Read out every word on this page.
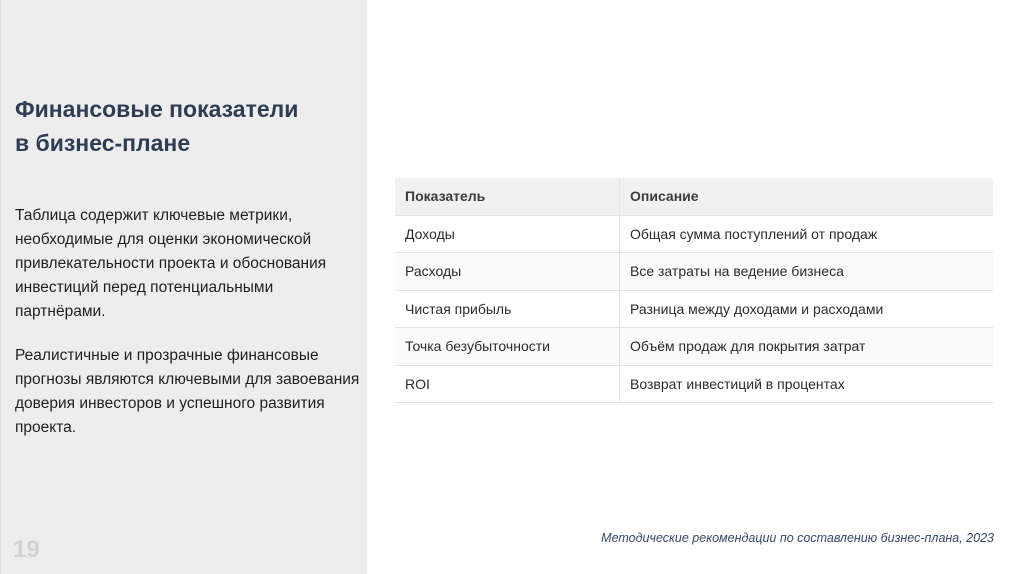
Финансовые показатели
в бизнес-плане
Таблица содержит ключевые метрики, необходимые для оценки экономической привлекательности проекта и обоснования инвестиций перед потенциальными партнёрами.
Реалистичные и прозрачные финансовые прогнозы являются ключевыми для завоевания доверия инвесторов и успешного развития проекта.
19
Показатель	Описание
Доходы	Общая сумма поступлений от продаж
Расходы	Все затраты на ведение бизнеса
Чистая прибыль	Разница между доходами и расходами
Точка безубыточности	Объём продаж для покрытия затрат
ROI	Возврат инвестиций в процентах
Методические рекомендации по составлению бизнес-плана, 2023
